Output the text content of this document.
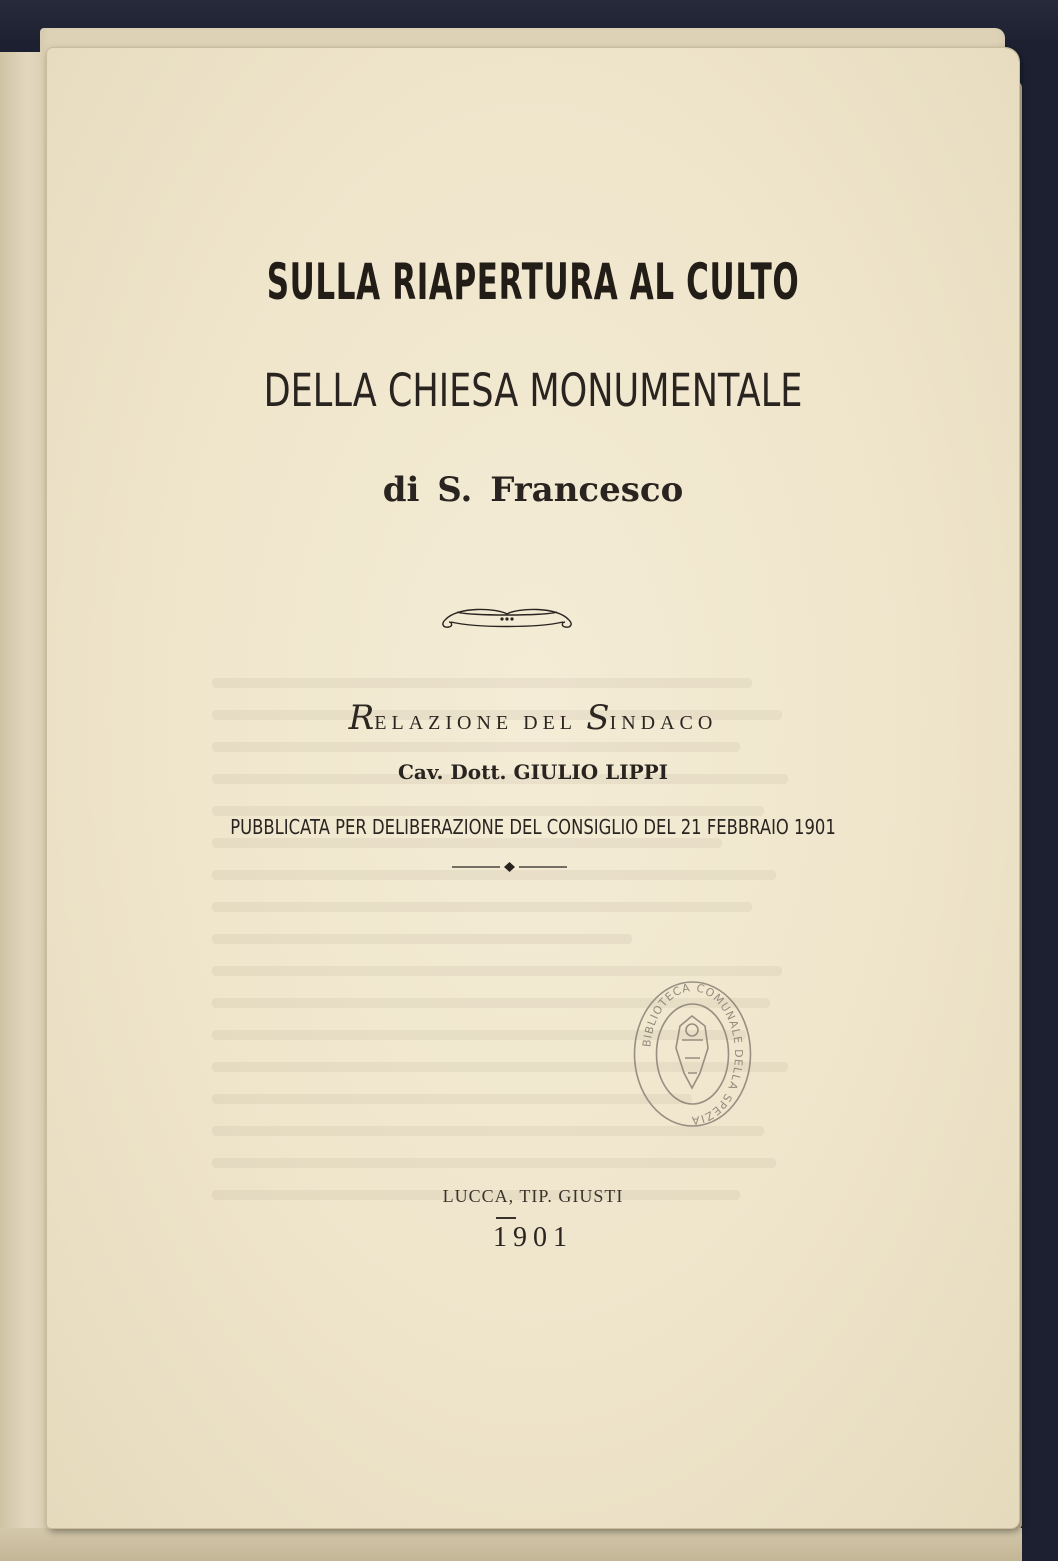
SULLA RIAPERTURA AL CULTO
DELLA CHIESA MONUMENTALE
di S. Francesco
RELAZIONE DEL SINDACO
Cav. Dott. GIULIO LIPPI
PUBBLICATA PER DELIBERAZIONE DEL CONSIGLIO DEL 21 FEBBRAIO 1901
BIBLIOTECA COMUNALE DELLA SPEZIA
LUCCA, TIP. GIUSTI
1901
